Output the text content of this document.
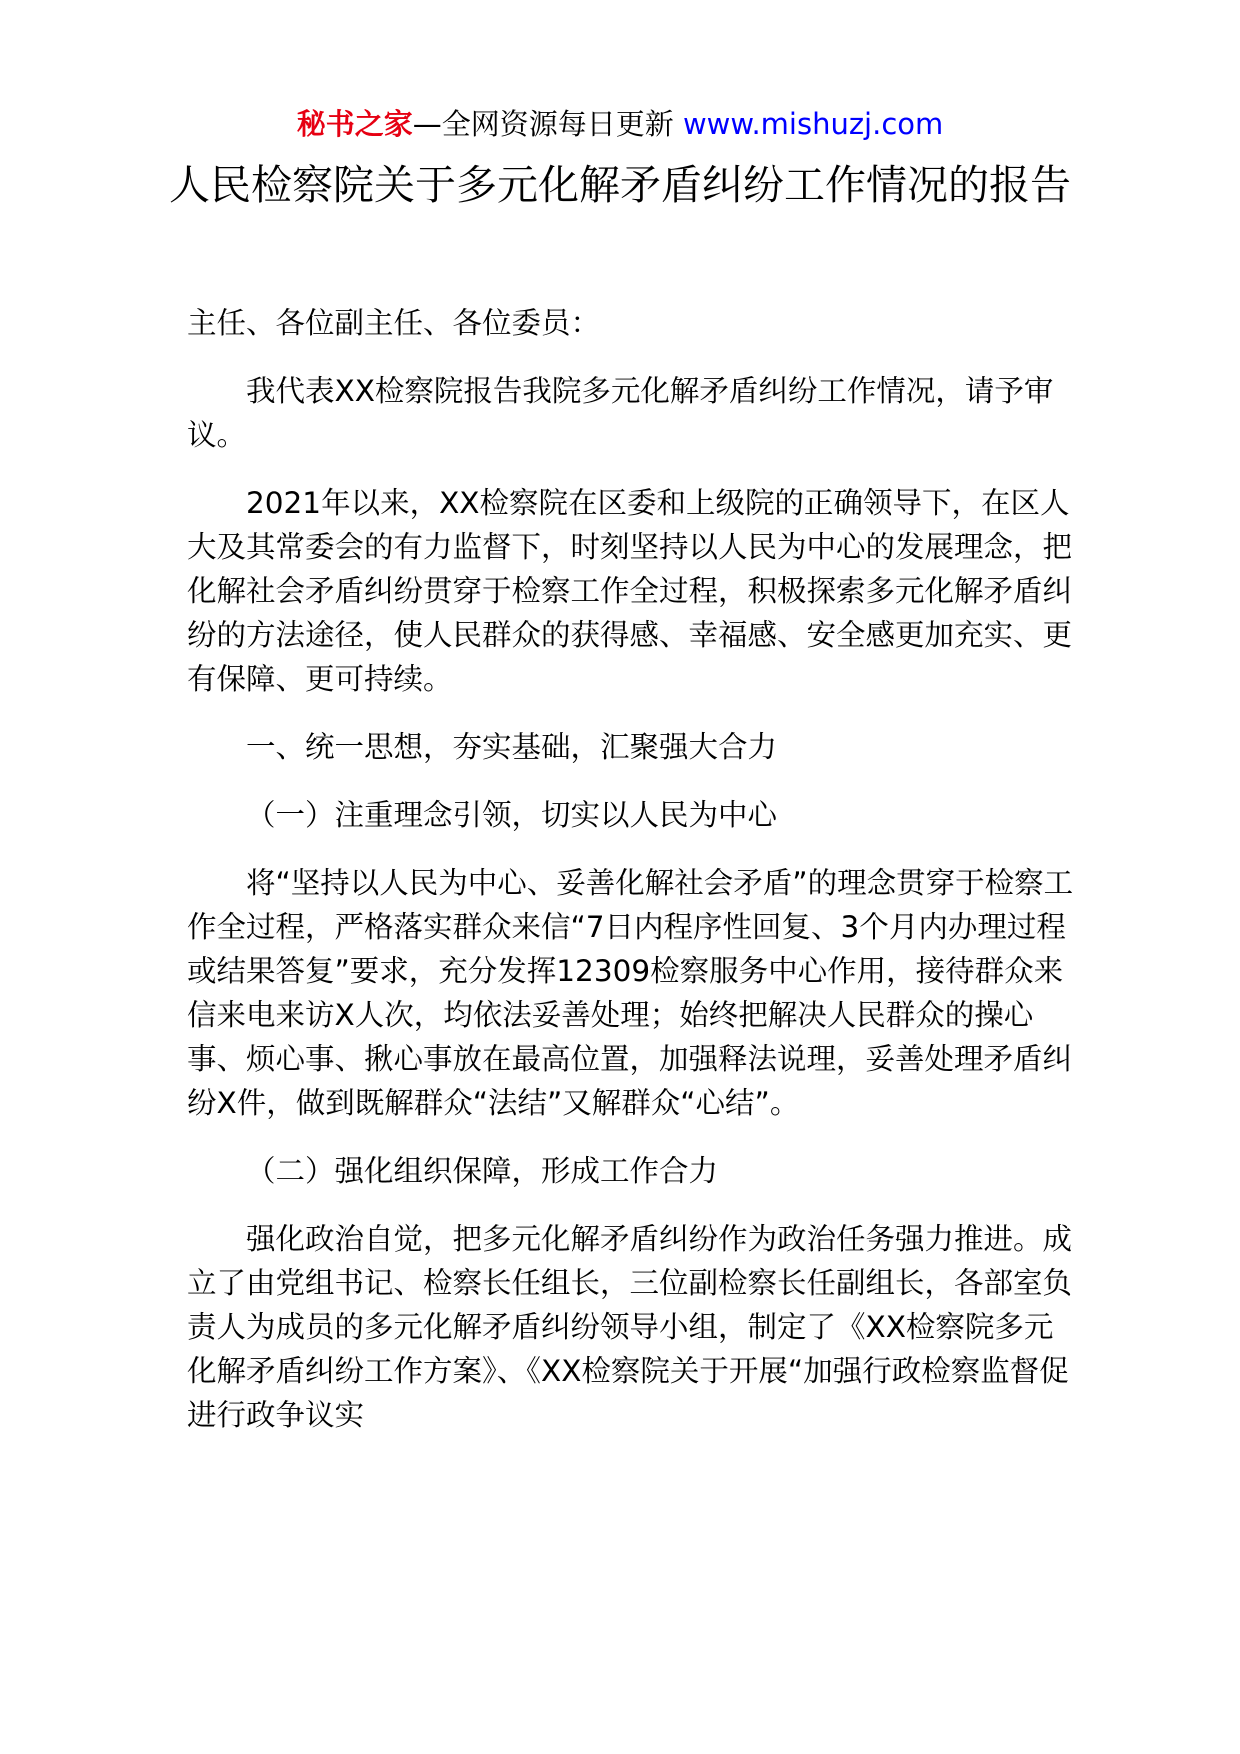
秘书之家—全网资源每日更新 www.mishuzj.com
人民检察院关于多元化解矛盾纠纷工作情况的报告

主任、各位副主任、各位委员：

我代表XX检察院报告我院多元化解矛盾纠纷工作情况，请予审议。

2021年以来，XX检察院在区委和上级院的正确领导下，在区人大及其常委会的有力监督下，时刻坚持以人民为中心的发展理念，把化解社会矛盾纠纷贯穿于检察工作全过程，积极探索多元化解矛盾纠纷的方法途径，使人民群众的获得感、幸福感、安全感更加充实、更有保障、更可持续。

一、统一思想，夯实基础，汇聚强大合力

（一）注重理念引领，切实以人民为中心

将“坚持以人民为中心、妥善化解社会矛盾”的理念贯穿于检察工作全过程，严格落实群众来信“7日内程序性回复、3个月内办理过程或结果答复”要求，充分发挥12309检察服务中心作用，接待群众来信来电来访X人次，均依法妥善处理；始终把解决人民群众的操心事、烦心事、揪心事放在最高位置，加强释法说理，妥善处理矛盾纠纷X件，做到既解群众“法结”又解群众“心结”。

（二）强化组织保障，形成工作合力

强化政治自觉，把多元化解矛盾纠纷作为政治任务强力推进。成立了由党组书记、检察长任组长，三位副检察长任副组长，各部室负责人为成员的多元化解矛盾纠纷领导小组，制定了《XX检察院多元化解矛盾纠纷工作方案》、《XX检察院关于开展“加强行政检察监督促进行政争议实
